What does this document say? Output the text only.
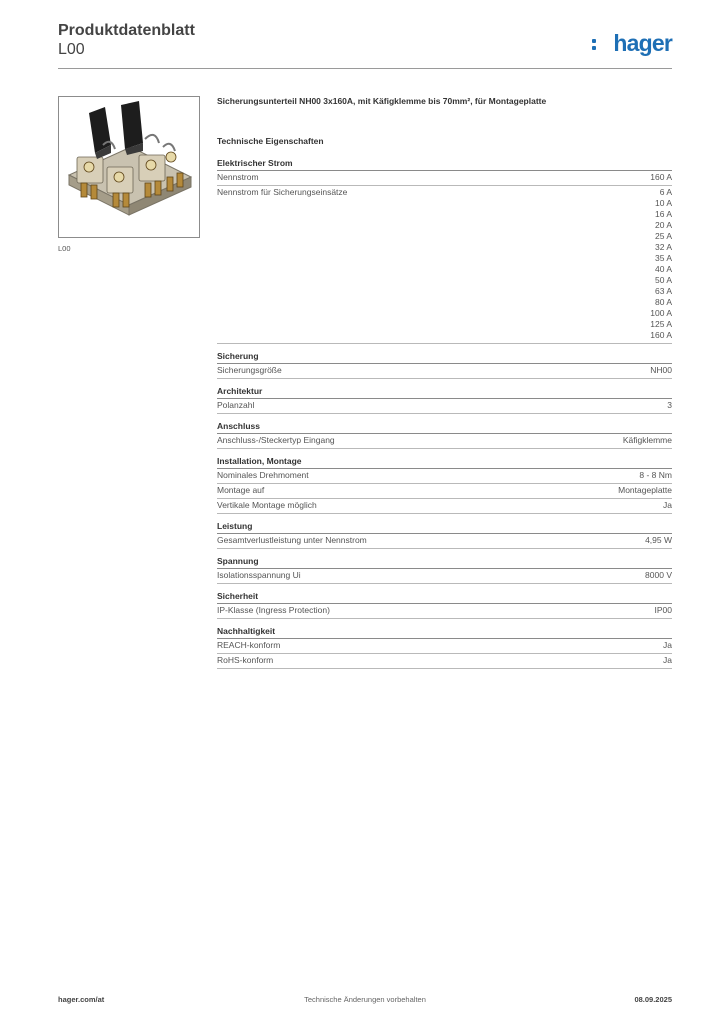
Produktdatenblatt
L00	hager
L00
Sicherungsunterteil NH00 3x160A, mit Käfigklemme bis 70mm², für Montageplatte
Technische Eigenschaften
Elektrischer Strom
Nennstrom	160 A
Nennstrom für Sicherungseinsätze	6 A
10 A
16 A
20 A
25 A
32 A
35 A
40 A
50 A
63 A
80 A
100 A
125 A
160 A
Sicherung
Sicherungsgröße	NH00
Architektur
Polanzahl	3
Anschluss
Anschluss-/Steckertyp Eingang	Käfigklemme
Installation, Montage
Nominales Drehmoment	8 - 8 Nm
Montage auf	Montageplatte
Vertikale Montage möglich	Ja
Leistung
Gesamtverlustleistung unter Nennstrom	4,95 W
Spannung
Isolationsspannung Ui	8000 V
Sicherheit
IP-Klasse (Ingress Protection)	IP00
Nachhaltigkeit
REACH-konform	Ja
RoHS-konform	Ja
hager.com/at	Technische Änderungen vorbehalten	08.09.2025
